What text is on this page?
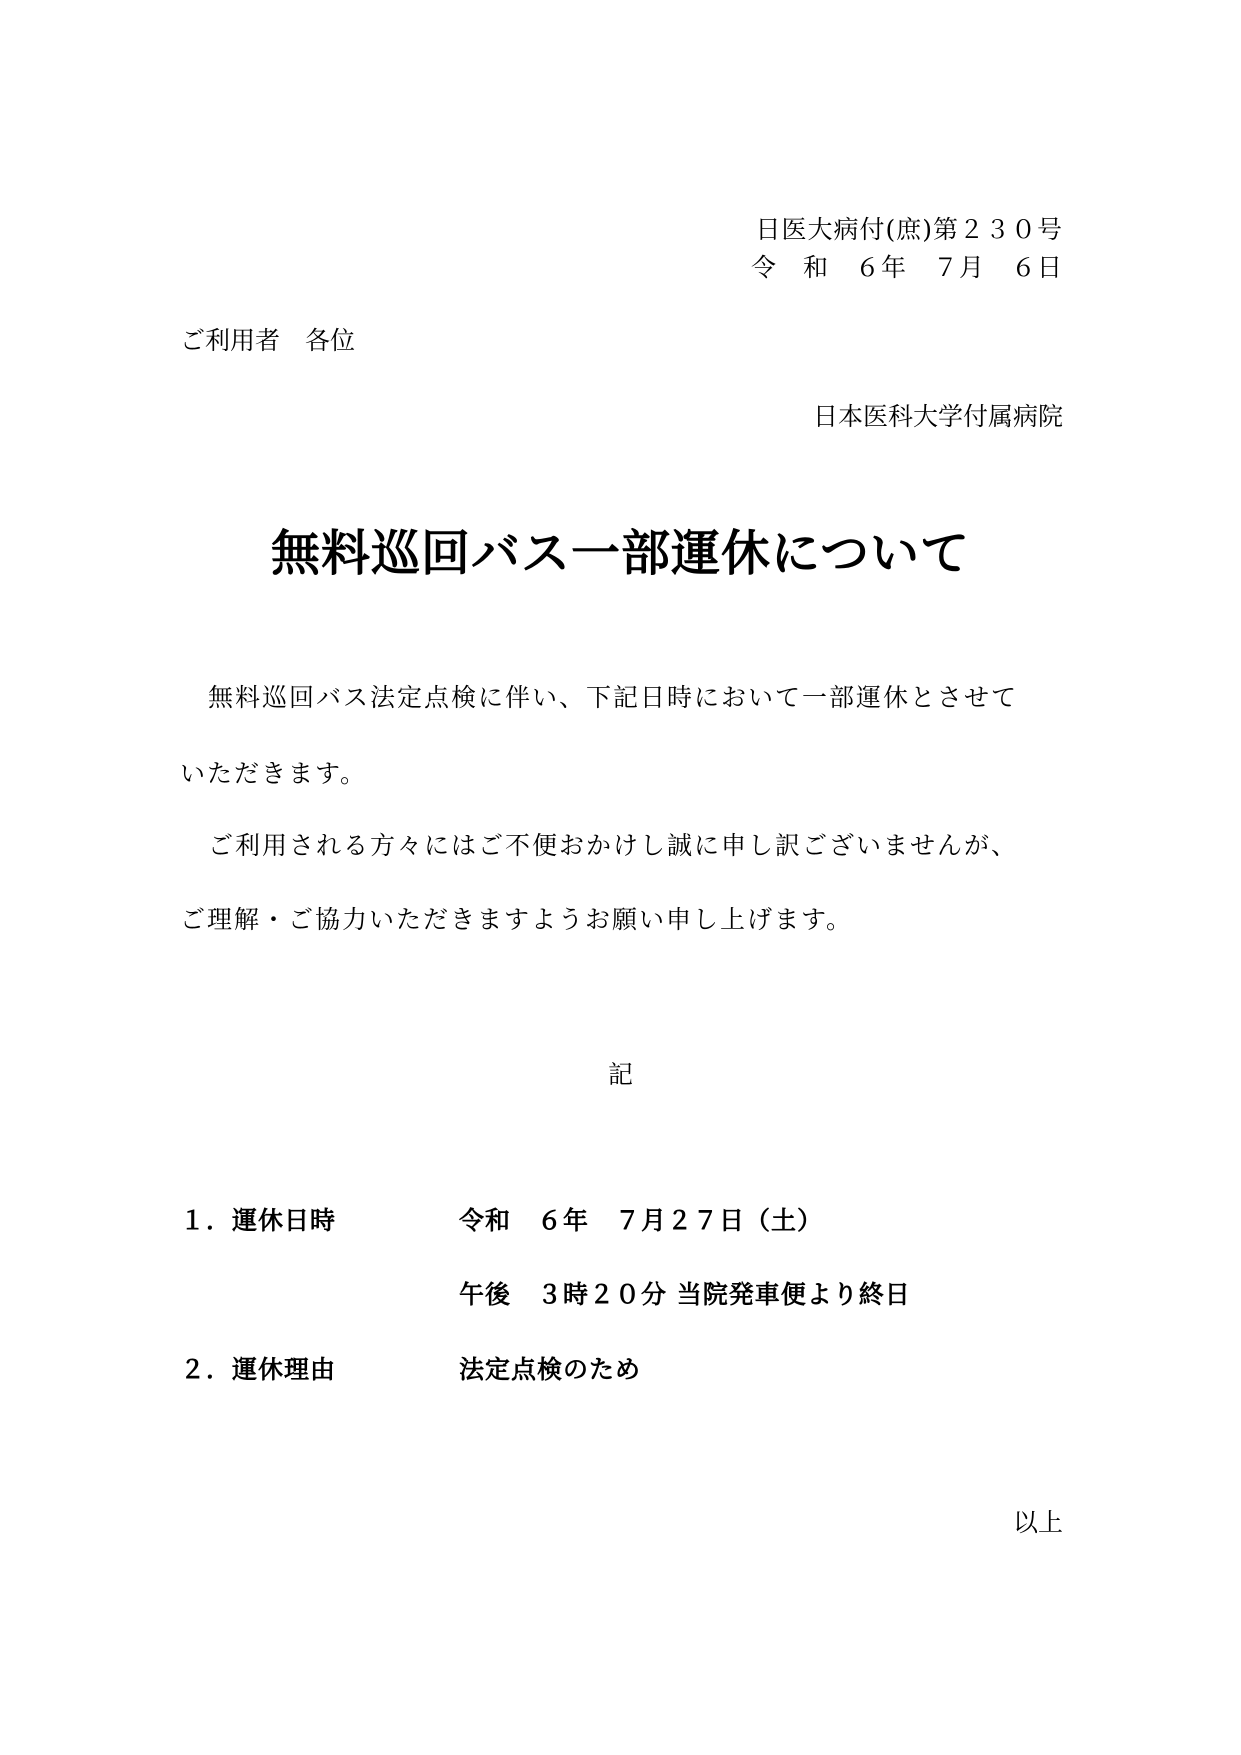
日医大病付(庶)第２３０号
令　和　６年　７月　６日
ご利用者　各位
日本医科大学付属病院
無料巡回バス一部運休について
無料巡回バス法定点検に伴い、下記日時において一部運休とさせて
いただきます。
ご利用される方々にはご不便おかけし誠に申し訳ございませんが、
ご理解・ご協力いただきますようお願い申し上げます。
記
１．運休日時	令和　６年　７月２７日（土）
午後　３時２０分 当院発車便より終日
２．運休理由	法定点検のため
以上
